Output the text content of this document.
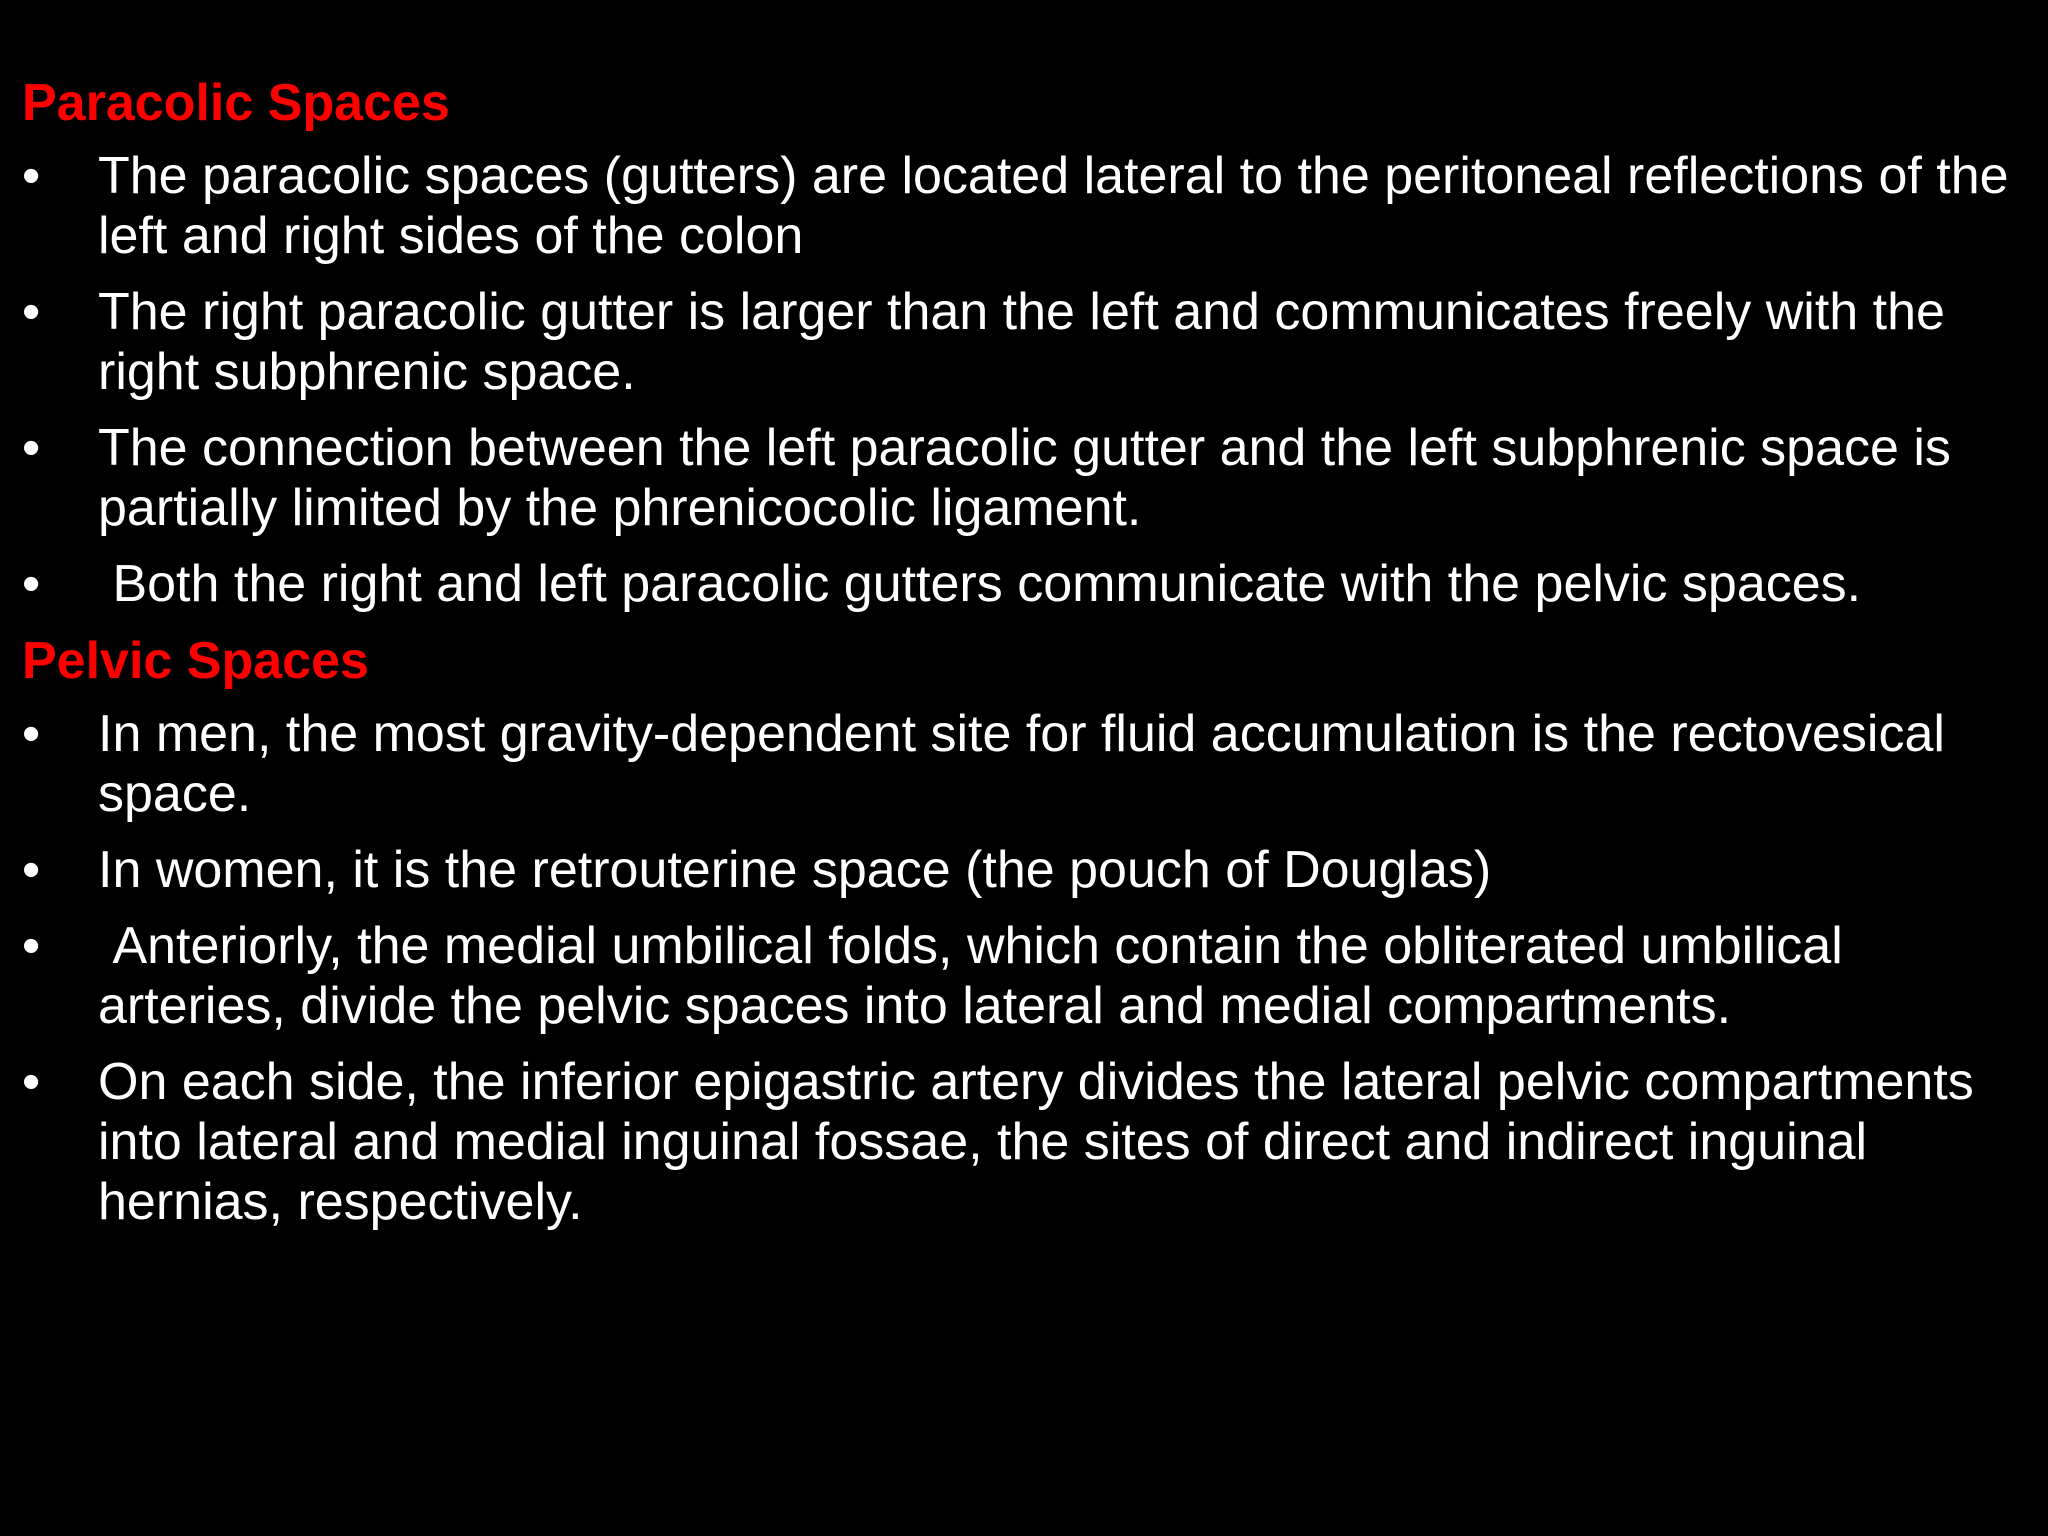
Paracolic Spaces
•	The paracolic spaces (gutters) are located lateral to the peritoneal reflections of the left and right sides of the colon
•	The right paracolic gutter is larger than the left and communicates freely with the right subphrenic space.
•	The connection between the left paracolic gutter and the left subphrenic space is partially limited by the phrenicocolic ligament.
•	Both the right and left paracolic gutters communicate with the pelvic spaces.
Pelvic Spaces
•	In men, the most gravity-dependent site for fluid accumulation is the rectovesical space.
•	In women, it is the retrouterine space (the pouch of Douglas)
•	Anteriorly, the medial umbilical folds, which contain the obliterated umbilical arteries, divide the pelvic spaces into lateral and medial compartments.
•	On each side, the inferior epigastric artery divides the lateral pelvic compartments into lateral and medial inguinal fossae, the sites of direct and indirect inguinal hernias, respectively.
